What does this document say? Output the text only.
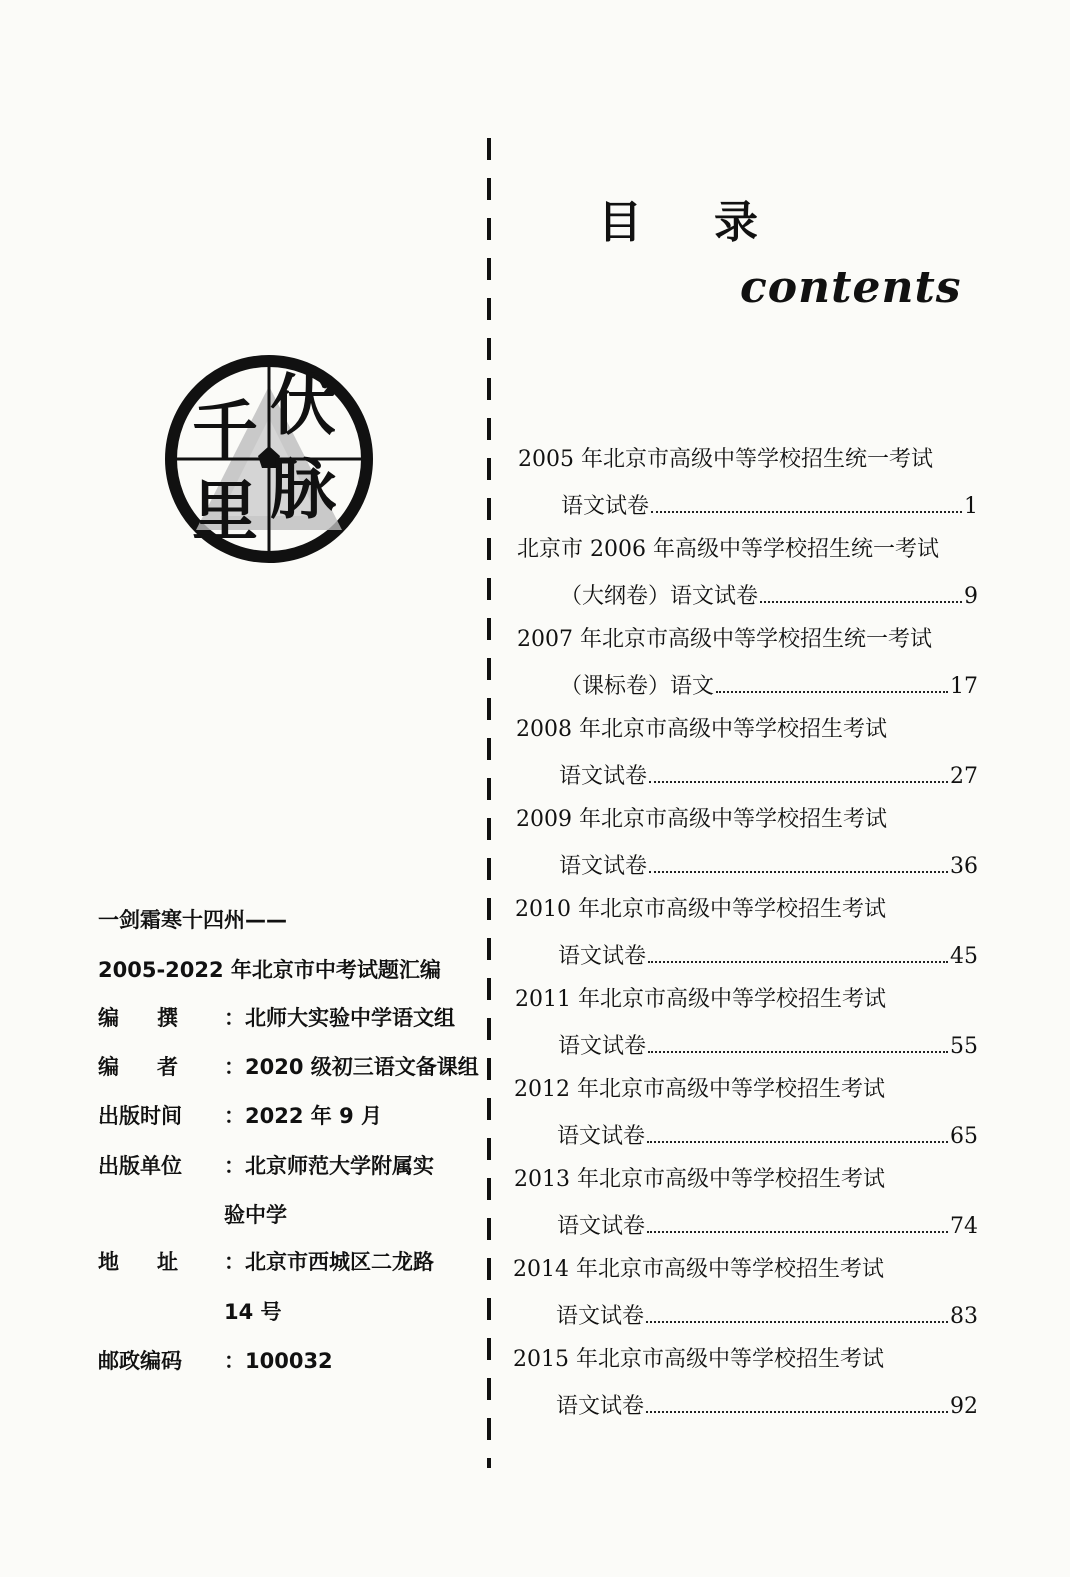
千 伏
里 脉
一剑霜寒十四州——
2005-2022 年北京市中考试题汇编
编撰 ：北师大实验中学语文组
编者 ：2020 级初三语文备课组
出版时间 ：2022 年 9 月
出版单位 ：北京师范大学附属实
验中学
地址 ：北京市西城区二龙路
14 号
邮政编码 ：100032
目录
contents
2005 年北京市高级中等学校招生统一考试
语文试卷	1
北京市 2006 年高级中等学校招生统一考试
（大纲卷）语文试卷	9
2007 年北京市高级中等学校招生统一考试
（课标卷）语文	17
2008 年北京市高级中等学校招生考试
语文试卷	27
2009 年北京市高级中等学校招生考试
语文试卷	36
2010 年北京市高级中等学校招生考试
语文试卷	45
2011 年北京市高级中等学校招生考试
语文试卷	55
2012 年北京市高级中等学校招生考试
语文试卷	65
2013 年北京市高级中等学校招生考试
语文试卷	74
2014 年北京市高级中等学校招生考试
语文试卷	83
2015 年北京市高级中等学校招生考试
语文试卷	92
